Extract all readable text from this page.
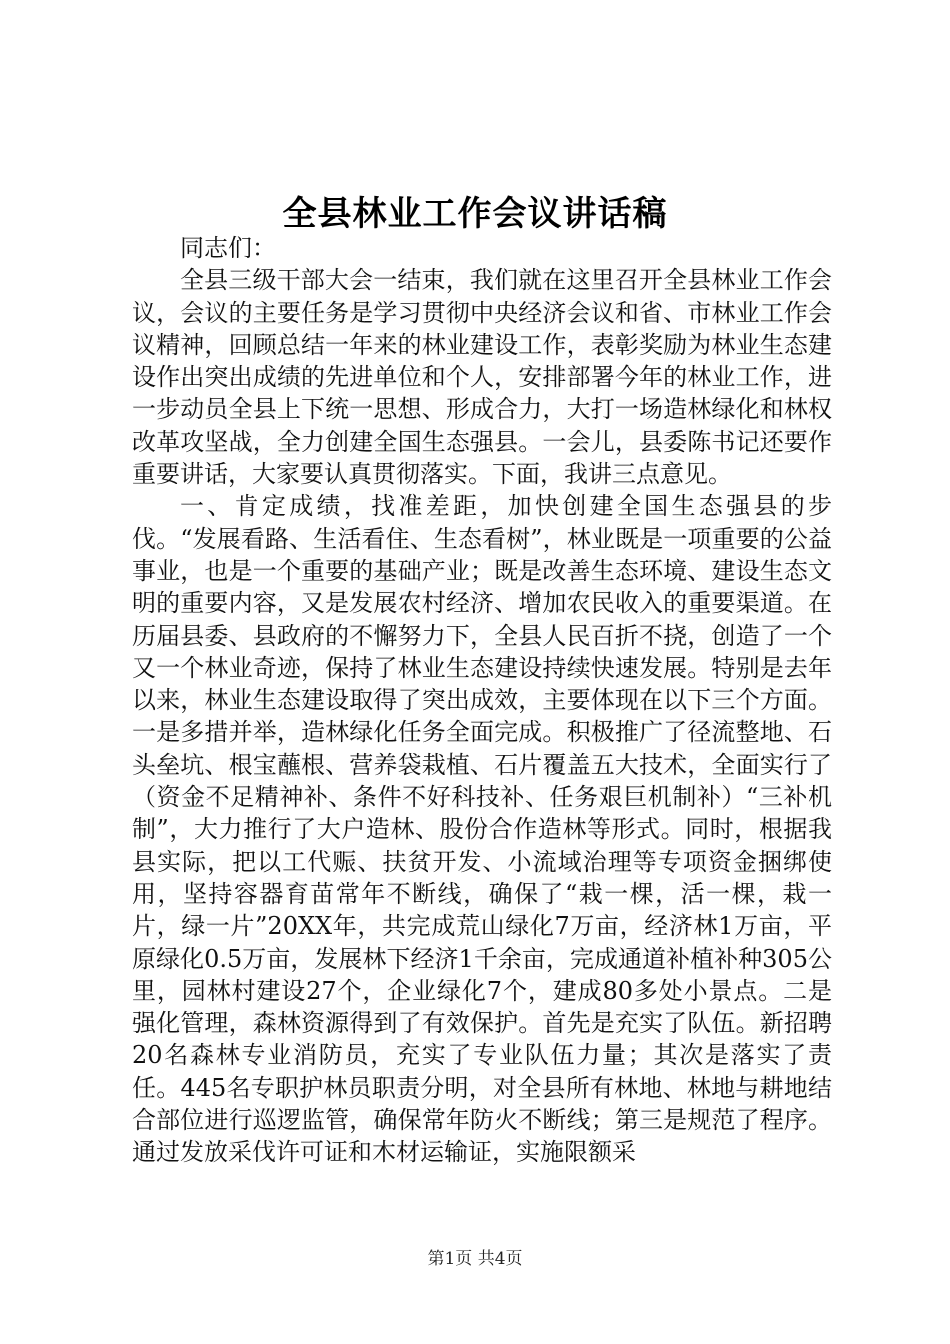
全县林业工作会议讲话稿

同志们：

全县三级干部大会一结束，我们就在这里召开全县林业工作会议，会议的主要任务是学习贯彻中央经济会议和省、市林业工作会议精神，回顾总结一年来的林业建设工作，表彰奖励为林业生态建设作出突出成绩的先进单位和个人，安排部署今年的林业工作，进一步动员全县上下统一思想、形成合力，大打一场造林绿化和林权改革攻坚战，全力创建全国生态强县。一会儿，县委陈书记还要作重要讲话，大家要认真贯彻落实。下面，我讲三点意见。

一、肯定成绩，找准差距，加快创建全国生态强县的步伐。“发展看路、生活看住、生态看树”，林业既是一项重要的公益事业，也是一个重要的基础产业；既是改善生态环境、建设生态文明的重要内容，又是发展农村经济、增加农民收入的重要渠道。在历届县委、县政府的不懈努力下，全县人民百折不挠，创造了一个又一个林业奇迹，保持了林业生态建设持续快速发展。特别是去年以来，林业生态建设取得了突出成效，主要体现在以下三个方面。一是多措并举，造林绿化任务全面完成。积极推广了径流整地、石头垒坑、根宝蘸根、营养袋栽植、石片覆盖五大技术，全面实行了（资金不足精神补、条件不好科技补、任务艰巨机制补）“三补机制”，大力推行了大户造林、股份合作造林等形式。同时，根据我县实际，把以工代赈、扶贫开发、小流域治理等专项资金捆绑使用，坚持容器育苗常年不断线，确保了“栽一棵，活一棵，栽一片，绿一片”20XX年，共完成荒山绿化7万亩，经济林1万亩，平原绿化0.5万亩，发展林下经济1千余亩，完成通道补植补种305公里，园林村建设27个，企业绿化7个，建成80多处小景点。二是强化管理，森林资源得到了有效保护。首先是充实了队伍。新招聘20名森林专业消防员，充实了专业队伍力量；其次是落实了责任。445名专职护林员职责分明，对全县所有林地、林地与耕地结合部位进行巡逻监管，确保常年防火不断线；第三是规范了程序。通过发放采伐许可证和木材运输证，实施限额采

第1页 共4页
